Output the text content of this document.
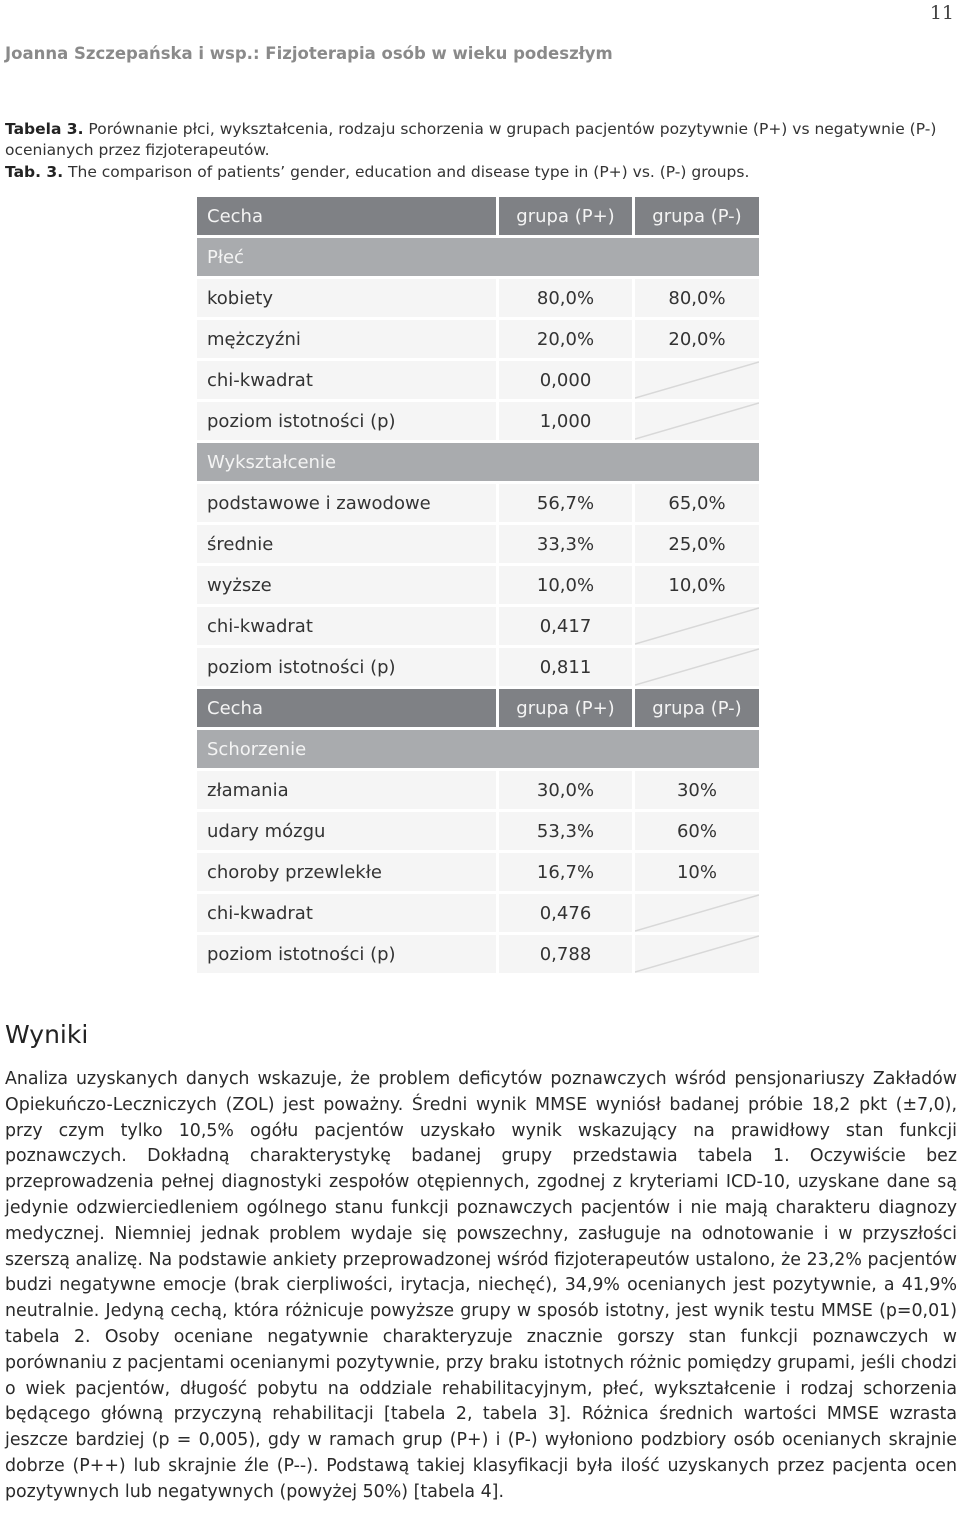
11
Joanna Szczepańska i wsp.: Fizjoterapia osób w wieku podeszłym
Tabela 3. Porównanie płci, wykształcenia, rodzaju schorzenia w grupach pacjentów pozytywnie (P+) vs negatywnie (P-) ocenianych przez fizjoterapeutów.
Tab. 3. The comparison of patients’ gender, education and disease type in (P+) vs. (P-) groups.
Cecha	grupa (P+)	grupa (P-)
Płeć		
kobiety	80,0%	80,0%
mężczyźni	20,0%	20,0%
chi-kwadrat	0,000	

poziom istotności (p)	1,000	

Wykształcenie		
podstawowe i zawodowe	56,7%	65,0%
średnie	33,3%	25,0%
wyższe	10,0%	10,0%
chi-kwadrat	0,417	

poziom istotności (p)	0,811	

Cecha	grupa (P+)	grupa (P-)
Schorzenie		
złamania	30,0%	30%
udary mózgu	53,3%	60%
choroby przewlekłe	16,7%	10%
chi-kwadrat	0,476	

poziom istotności (p)	0,788	
Wyniki
Analiza uzyskanych danych wskazuje, że problem deficytów poznawczych wśród pensjonariuszy Zakładów Opiekuńczo-Leczniczych (ZOL) jest poważny. Średni wynik MMSE wyniósł badanej próbie 18,2 pkt (±7,0), przy czym tylko 10,5% ogółu pacjentów uzyskało wynik wskazujący na prawidłowy stan funkcji poznawczych. Dokładną charakterystykę badanej grupy przedstawia tabela 1. Oczywiście bez przeprowadzenia pełnej diagnostyki zespołów otępiennych, zgodnej z kryteriami ICD-10, uzyskane dane są jedynie odzwierciedleniem ogólnego stanu funkcji poznawczych pacjentów i nie mają charakteru diagnozy medycznej. Niemniej jednak problem wydaje się powszechny, zasługuje na odnotowanie i w przyszłości szerszą analizę. Na podstawie ankiety przeprowadzonej wśród fizjoterapeutów ustalono, że 23,2% pacjentów budzi negatywne emocje (brak cierpliwości, irytacja, niechęć), 34,9% ocenianych jest pozytywnie, a 41,9% neutralnie. Jedyną cechą, która różnicuje powyższe grupy w sposób istotny, jest wynik testu MMSE (p=0,01) tabela 2. Osoby oceniane negatywnie charakteryzuje znacznie gorszy stan funkcji poznawczych w porównaniu z pacjentami ocenianymi pozytywnie, przy braku istotnych różnic pomiędzy grupami, jeśli chodzi o wiek pacjentów, długość pobytu na oddziale rehabilitacyjnym, płeć, wykształcenie i rodzaj schorzenia będącego główną przyczyną rehabilitacji [tabela 2, tabela 3]. Różnica średnich wartości MMSE wzrasta jeszcze bardziej (p = 0,005), gdy w ramach grup (P+) i (P-) wyłoniono podzbiory osób ocenianych skrajnie dobrze (P++) lub skrajnie źle (P--). Podstawą takiej klasyfikacji była ilość uzyskanych przez pacjenta ocen pozytywnych lub negatywnych (powyżej 50%) [tabela 4].
